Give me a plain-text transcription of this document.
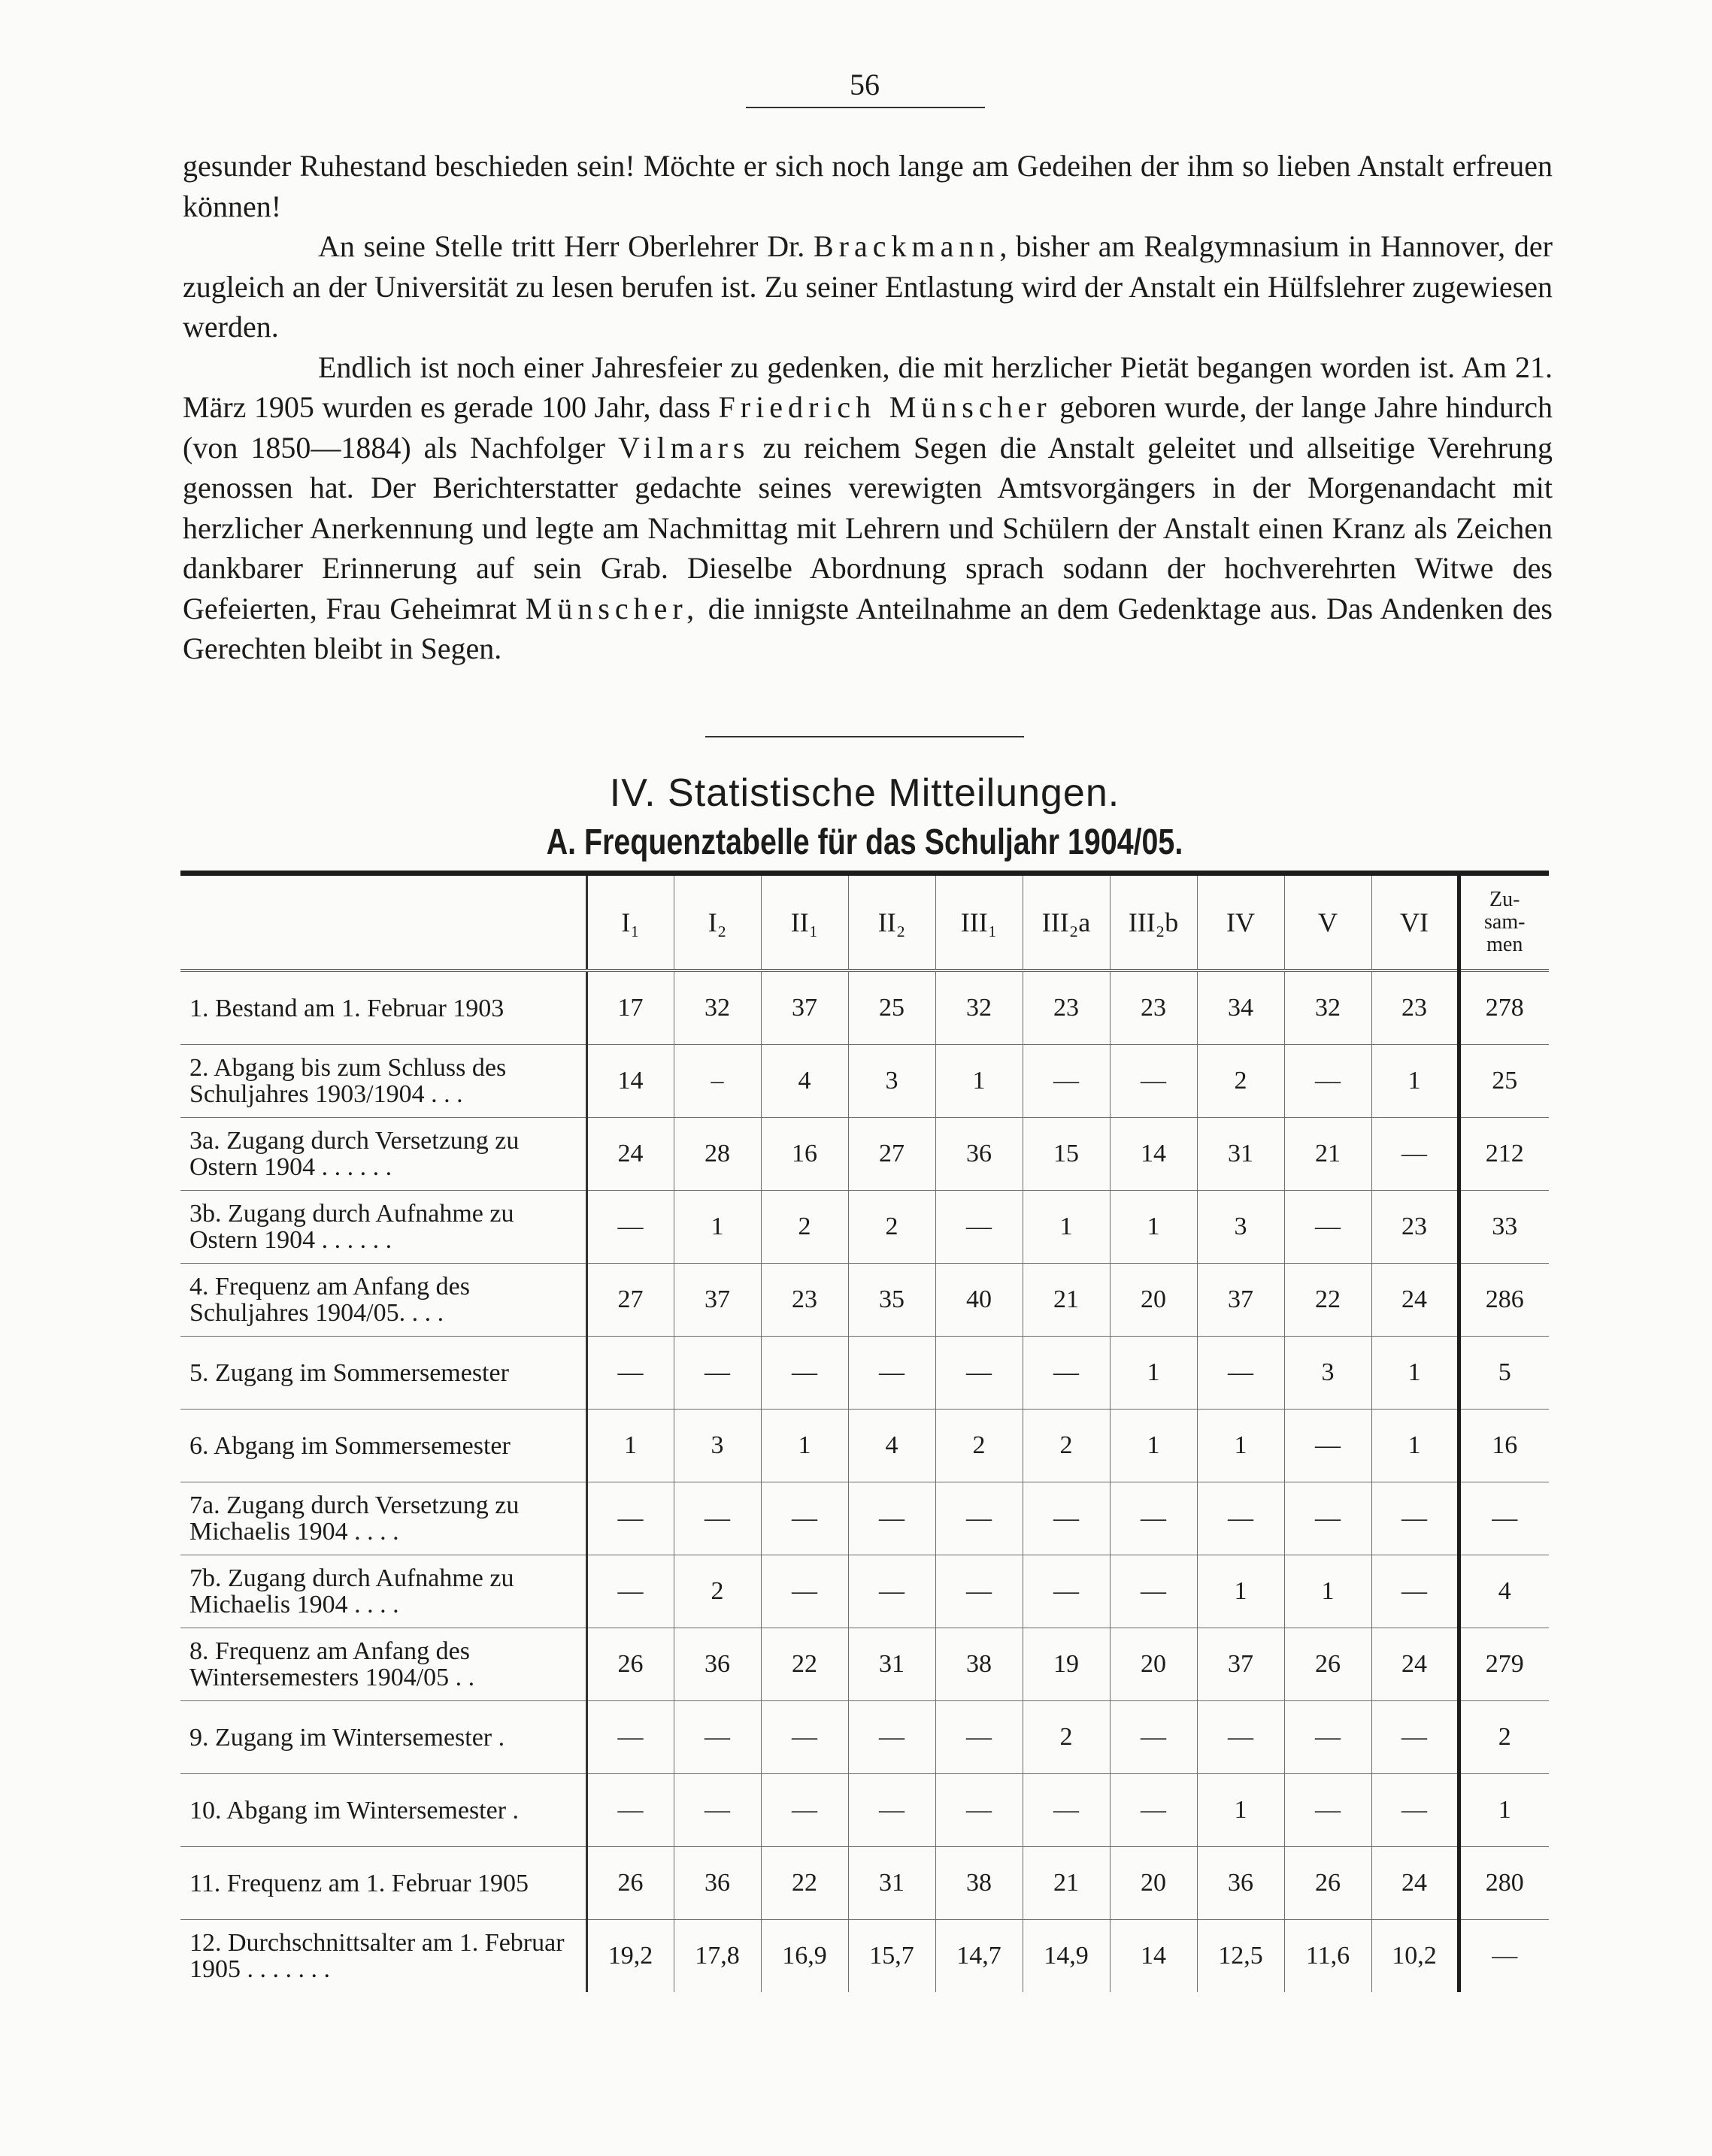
56

gesunder Ruhestand beschieden sein! Möchte er sich noch lange am Gedeihen der ihm so lieben Anstalt erfreuen können!

An seine Stelle tritt Herr Oberlehrer Dr. Brackmann, bisher am Realgymnasium in Hannover, der zugleich an der Universität zu lesen berufen ist. Zu seiner Entlastung wird der Anstalt ein Hülfslehrer zugewiesen werden.

Endlich ist noch einer Jahresfeier zu gedenken, die mit herzlicher Pietät begangen worden ist. Am 21. März 1905 wurden es gerade 100 Jahr, dass Friedrich Münscher geboren wurde, der lange Jahre hindurch (von 1850—1884) als Nachfolger Vilmars zu reichem Segen die Anstalt geleitet und allseitige Verehrung genossen hat. Der Berichterstatter gedachte seines verewigten Amtsvorgängers in der Morgenandacht mit herzlicher Anerkennung und legte am Nachmittag mit Lehrern und Schülern der Anstalt einen Kranz als Zeichen dankbarer Erinnerung auf sein Grab. Dieselbe Abordnung sprach sodann der hochverehrten Witwe des Gefeierten, Frau Geheimrat Münscher, die innigste Anteilnahme an dem Gedenktage aus. Das Andenken des Gerechten bleibt in Segen.

IV. Statistische Mitteilungen.
A. Frequenztabelle für das Schuljahr 1904/05.
	I₁	I₂	II₁	II₂	III₁	III₂a	III₂b	IV	V	VI	Zu-
sam-
men
1. Bestand am 1. Februar 1903	17	32	37	25	32	23	23	34	32	23	278
2. Abgang bis zum Schluss des Schuljahres 1903/1904 . . .	14	–	4	3	1	—	—	2	—	1	25
3a. Zugang durch Versetzung zu Ostern 1904 . . . . . .	24	28	16	27	36	15	14	31	21	—	212
3b. Zugang durch Aufnahme zu Ostern 1904 . . . . . .	—	1	2	2	—	1	1	3	—	23	33
4. Frequenz am Anfang des Schuljahres 1904/05. . . .	27	37	23	35	40	21	20	37	22	24	286
5. Zugang im Sommersemester	—	—	—	—	—	—	1	—	3	1	5
6. Abgang im Sommersemester	1	3	1	4	2	2	1	1	—	1	16
7a. Zugang durch Versetzung zu Michaelis 1904 . . . .	—	—	—	—	—	—	—	—	—	—	—
7b. Zugang durch Aufnahme zu Michaelis 1904 . . . .	—	2	—	—	—	—	—	1	1	—	4
8. Frequenz am Anfang des Wintersemesters 1904/05 . .	26	36	22	31	38	19	20	37	26	24	279
9. Zugang im Wintersemester .	—	—	—	—	—	2	—	—	—	—	2
10. Abgang im Wintersemester .	—	—	—	—	—	—	—	1	—	—	1
11. Frequenz am 1. Februar 1905	26	36	22	31	38	21	20	36	26	24	280
12. Durchschnittsalter am 1. Februar 1905 . . . . . . .	19,2	17,8	16,9	15,7	14,7	14,9	14	12,5	11,6	10,2	—
